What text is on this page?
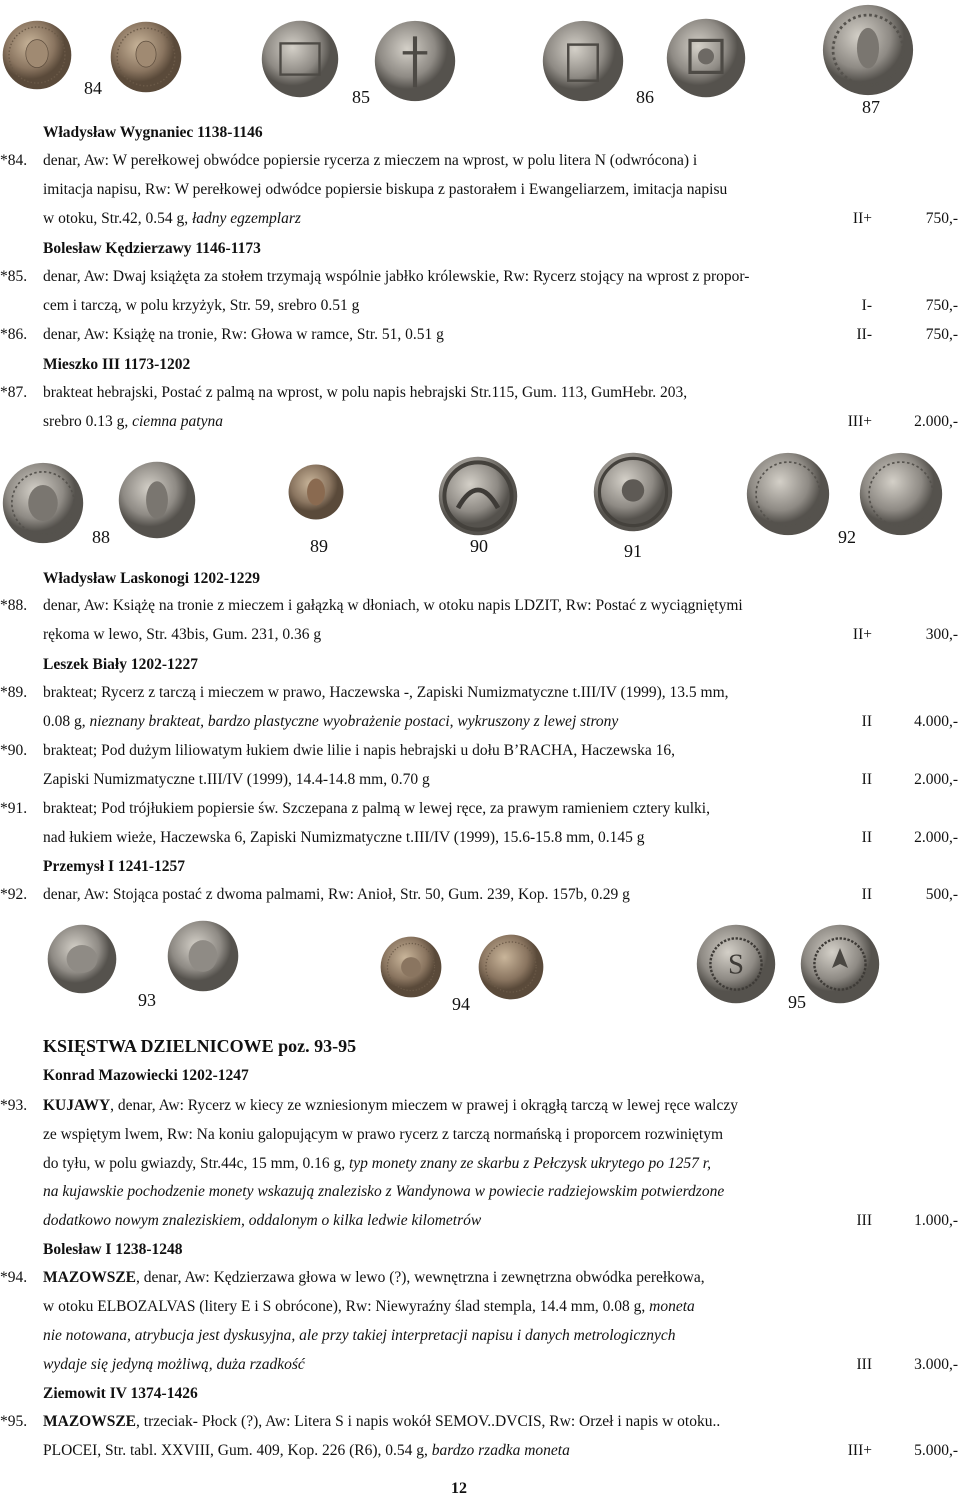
84	85	86	87
Władysław Wygnaniec 1138-1146
*84. denar, Aw: W perełkowej obwódce popiersie rycerza z mieczem na wprost, w polu litera N (odwrócona) i
imitacja napisu, Rw: W perełkowej odwódce popiersie biskupa z pastorałem i Ewangeliarzem, imitacja napisu
w otoku, Str.42, 0.54 g, ładny egzemplarz	II+	750,-
Bolesław Kędzierzawy 1146-1173
*85. denar, Aw: Dwaj książęta za stołem trzymają wspólnie jabłko królewskie, Rw: Rycerz stojący na wprost z propor-
cem i tarczą, w polu krzyżyk, Str. 59, srebro 0.51 g	I-	750,-
*86. denar, Aw: Książę na tronie, Rw: Głowa w ramce, Str. 51, 0.51 g	II-	750,-
Mieszko III 1173-1202
*87. brakteat hebrajski, Postać z palmą na wprost, w polu napis hebrajski Str.115, Gum. 113, GumHebr. 203,
srebro 0.13 g, ciemna patyna	III+	2.000,-
88	89	90	91
92
Władysław Laskonogi 1202-1229
*88. denar, Aw: Książę na tronie z mieczem i gałązką w dłoniach, w otoku napis LDZIT, Rw: Postać z wyciągniętymi
rękoma w lewo, Str. 43bis, Gum. 231, 0.36 g	II+	300,-
Leszek Biały 1202-1227
*89. brakteat; Rycerz z tarczą i mieczem w prawo, Haczewska -, Zapiski Numizmatyczne t.III/IV (1999), 13.5 mm,
0.08 g, nieznany brakteat, bardzo plastyczne wyobrażenie postaci, wykruszony z lewej strony	II	4.000,-
*90. brakteat; Pod dużym liliowatym łukiem dwie lilie i napis hebrajski u dołu B’RACHA, Haczewska 16,
Zapiski Numizmatyczne t.III/IV (1999), 14.4-14.8 mm, 0.70 g	II	2.000,-
*91. brakteat; Pod trójłukiem popiersie św. Szczepana z palmą w lewej ręce, za prawym ramieniem cztery kulki,
nad łukiem wieże, Haczewska 6, Zapiski Numizmatyczne t.III/IV (1999), 15.6-15.8 mm, 0.145 g	II	2.000,-
Przemysł I 1241-1257
*92. denar, Aw: Stojąca postać z dwoma palmami, Rw: Anioł, Str. 50, Gum. 239, Kop. 157b, 0.29 g	II	500,-
93	94
S
95
KSIĘSTWA DZIELNICOWE poz. 93-95
Konrad Mazowiecki 1202-1247
*93. KUJAWY, denar, Aw: Rycerz w kiecy ze wzniesionym mieczem w prawej i okrągłą tarczą w lewej ręce walczy
ze wspiętym lwem, Rw: Na koniu galopującym w prawo rycerz z tarczą normańską i proporcem rozwiniętym
do tyłu, w polu gwiazdy, Str.44c, 15 mm, 0.16 g, typ monety znany ze skarbu z Pełczysk ukrytego po 1257 r,
na kujawskie pochodzenie monety wskazują znalezisko z Wandynowa w powiecie radziejowskim potwierdzone
dodatkowo nowym znaleziskiem, oddalonym o kilka ledwie kilometrów	III	1.000,-
Bolesław I 1238-1248
*94. MAZOWSZE, denar, Aw: Kędzierzawa głowa w lewo (?), wewnętrzna i zewnętrzna obwódka perełkowa,
w otoku ELBOZALVAS (litery E i S obrócone), Rw: Niewyraźny ślad stempla, 14.4 mm, 0.08 g, moneta
nie notowana, atrybucja jest dyskusyjna, ale przy takiej interpretacji napisu i danych metrologicznych
wydaje się jedyną możliwą, duża rzadkość	III	3.000,-
Ziemowit IV 1374-1426
*95. MAZOWSZE, trzeciak- Płock (?), Aw: Litera S i napis wokół SEMOV..DVCIS, Rw: Orzeł i napis w otoku..
PLOCEI, Str. tabl. XXVIII, Gum. 409, Kop. 226 (R6), 0.54 g, bardzo rzadka moneta	III+	5.000,-
12
